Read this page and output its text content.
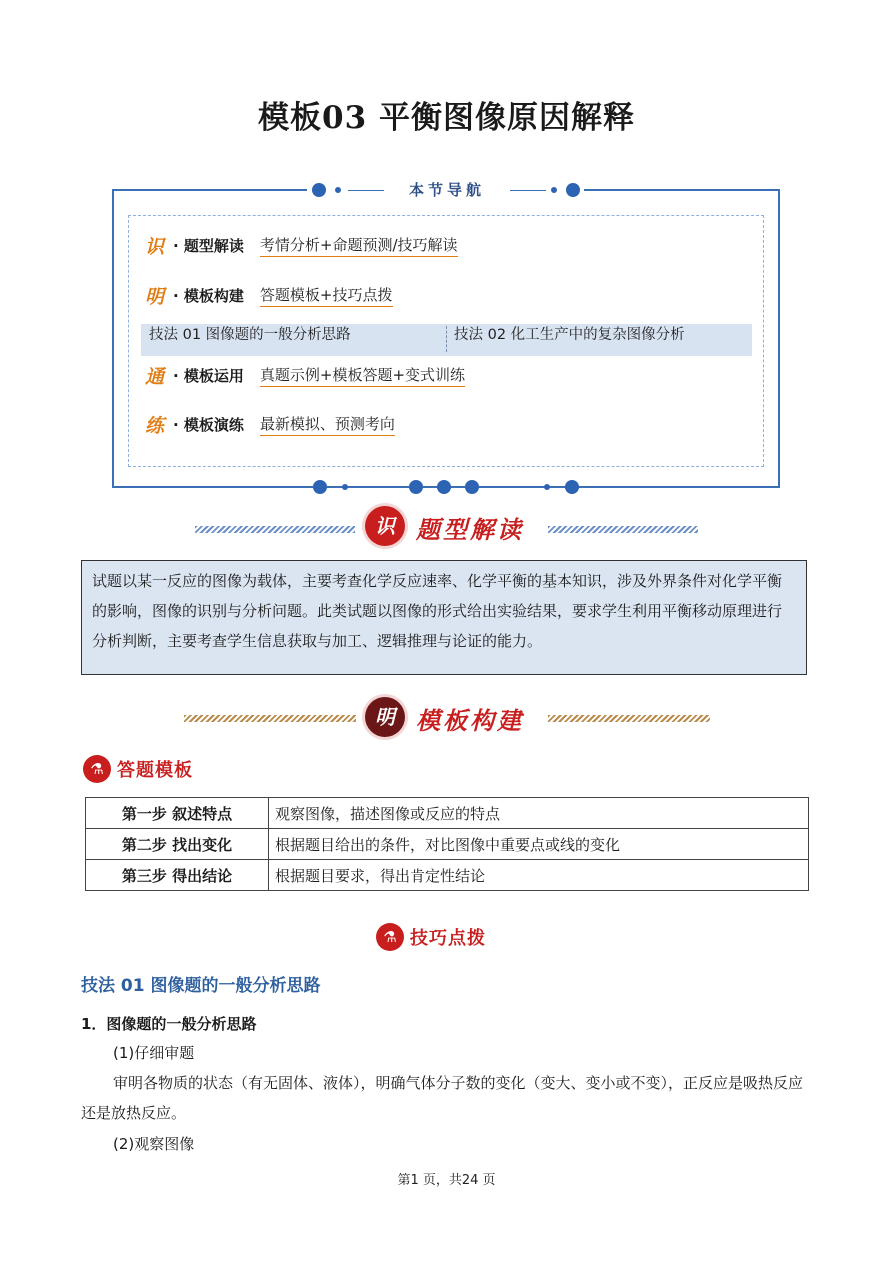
模板03 平衡图像原因解释
本节导航
识 · 题型解读 考情分析+命题预测/技巧解读
明 · 模板构建 答题模板+技巧点拨
技法 01 图像题的一般分析思路	技法 02 化工生产中的复杂图像分析
通 · 模板运用 真题示例+模板答题+变式训练
练 · 模板演练 最新模拟、预测考向
识 题型解读
试题以某一反应的图像为载体，主要考查化学反应速率、化学平衡的基本知识，涉及外界条件对化学平衡的影响，图像的识别与分析问题。此类试题以图像的形式给出实验结果，要求学生利用平衡移动原理进行分析判断，主要考查学生信息获取与加工、逻辑推理与论证的能力。
明 模板构建
⚗ 答题模板
第一步 叙述特点	观察图像，描述图像或反应的特点
第二步 找出变化	根据题目给出的条件，对比图像中重要点或线的变化
第三步 得出结论	根据题目要求，得出肯定性结论
⚗ 技巧点拨
技法 01 图像题的一般分析思路
1．图像题的一般分析思路
(1)仔细审题
审明各物质的状态（有无固体、液体），明确气体分子数的变化（变大、变小或不变），正反应是吸热反应还是放热反应。
(2)观察图像
第1 页，共24 页
